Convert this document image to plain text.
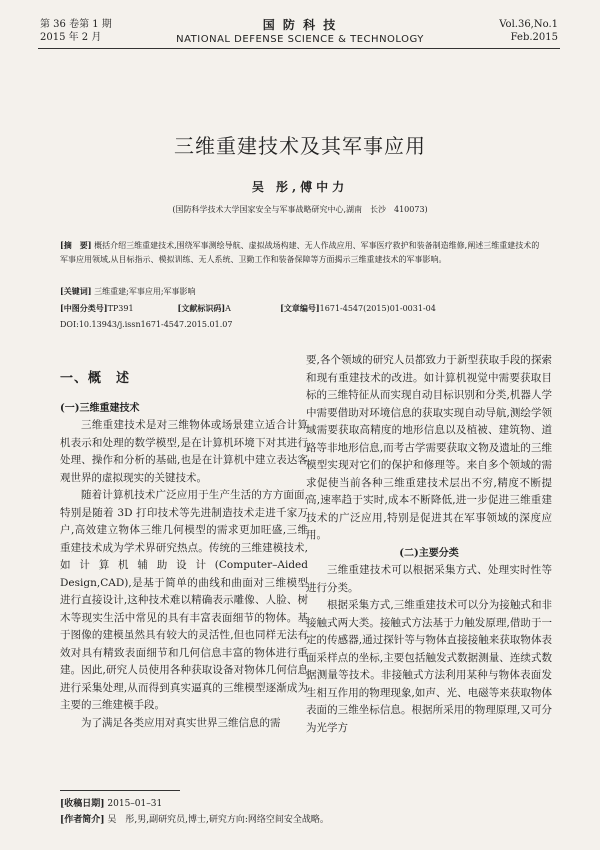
第 36 卷第 1 期
2015 年 2 月
国 防 科 技
NATIONAL DEFENSE SCIENCE & TECHNOLOGY
Vol.36,No.1
Feb.2015
三维重建技术及其军事应用
吴 彤,傅中力
(国防科学技术大学国家安全与军事战略研究中心,湖南　长沙　410073)
[摘　要] 概括介绍三维重建技术,围绕军事测绘导航、虚拟战场构建、无人作战应用、军事医疗救护和装备制造维修,阐述三维重建技术的军事应用领域,从目标指示、模拟训练、无人系统、卫勤工作和装备保障等方面揭示三维重建技术的军事影响。
[关键词] 三维重建;军事应用;军事影响
[中图分类号]TP391	[文献标识码]A	[文章编号]1671-4547(2015)01-0031-04
DOI:10.13943/j.issn1671-4547.2015.01.07

一、概　述

(一)三维重建技术

三维重建技术是对三维物体或场景建立适合计算机表示和处理的数学模型,是在计算机环境下对其进行处理、操作和分析的基础,也是在计算机中建立表达客观世界的虚拟现实的关键技术。

随着计算机技术广泛应用于生产生活的方方面面,特别是随着 3D 打印技术等先进制造技术走进千家万户,高效建立物体三维几何模型的需求更加旺盛,三维重建技术成为学术界研究热点。传统的三维建模技术,如计算机辅助设计(Computer–Aided Design,CAD),是基于简单的曲线和曲面对三维模型进行直接设计,这种技术难以精确表示雕像、人脸、树木等现实生活中常见的具有丰富表面细节的物体。基于图像的建模虽然具有较大的灵活性,但也同样无法有效对具有精致表面细节和几何信息丰富的物体进行重建。因此,研究人员使用各种获取设备对物体几何信息进行采集处理,从而得到真实逼真的三维模型逐渐成为主要的三维建模手段。

为了满足各类应用对真实世界三维信息的需

要,各个领域的研究人员都致力于新型获取手段的探索和现有重建技术的改进。如计算机视觉中需要获取目标的三维特征从而实现自动目标识别和分类,机器人学中需要借助对环境信息的获取实现自动导航,测绘学领域需要获取高精度的地形信息以及植被、建筑物、道路等非地形信息,而考古学需要获取文物及遗址的三维模型实现对它们的保护和修理等。来自多个领域的需求促使当前各种三维重建技术层出不穷,精度不断提高,速率趋于实时,成本不断降低,进一步促进三维重建技术的广泛应用,特别是促进其在军事领域的深度应用。

(二)主要分类

三维重建技术可以根据采集方式、处理实时性等进行分类。

根据采集方式,三维重建技术可以分为接触式和非接触式两大类。接触式方法基于力触发原理,借助于一定的传感器,通过探针等与物体直接接触来获取物体表面采样点的坐标,主要包括触发式数据测量、连续式数据测量等技术。非接触式方法利用某种与物体表面发生相互作用的物理现象,如声、光、电磁等来获取物体表面的三维坐标信息。根据所采用的物理原理,又可分为光学方

[收稿日期] 2015–01–31
[作者简介] 吴　彤,男,副研究员,博士,研究方向:网络空间安全战略。
